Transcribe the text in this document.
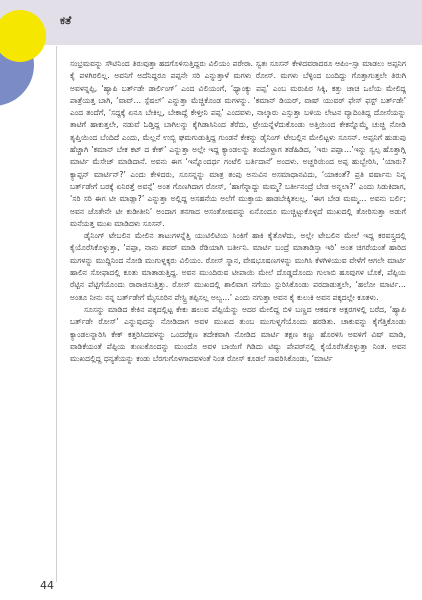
ಕತೆ

ಸಂಭ್ರಮವನ್ನು ಸೌಟಿನಿಂದ ತಿರುವುತ್ತಾ ಹದಗೊಳಿಸುತ್ತಿದ್ದರು ವಿಲಿಯಂ ಪರೇರಾ. ಸ್ವತಃ ಸೂಸನ್ ಕೇಳಿದವರಾದರೂ ಆಪಿಂ–ಸ್ಸಾ ಮಾಡಲು ಅಪ್ಪನಿಗ ಕೈ ಪಳಗಿರಲಿಲ್ಲ. ಅವನಿಗೆ ಅದೆನಿದ್ದರೂ ಪಪ್ಪನೇ ಸರಿ ಎನ್ನುತ್ತಾಳೆ ಮಗಳು ರೋಸ್. ಮಗಳು ಬೆಳ್ಳಿಂದ ಬಂದಿದ್ದು ಗೊತ್ತಾಗುತ್ತಲೇ ತಿರುಗಿ ಅವಳನ್ನಪ್ಪಿ, ‘ಹ್ಯಾಪಿ ಬರ್ತ್‌ಡೇ ಡಾರ್ಲಿಂಗ್’ ಎಂದ ವಿಲಿಯಂಗೆ, ‘ಥ್ಯಾಂಕ್ಯು ಪಪ್ಪ’ ಎಂಬ ಮರುಪಿರ ಸಿಕ್ಕಿ, ಕತ್ತು ಚಾಚಿ ಒಲೆಯ ಮೇಲಿದ್ದ ಪಾತ್ರೆಯತ್ತ ಬಾಗಿ, ‘ವಾವ್… ಸ್ಪೆಷಲ್’ ಎನ್ನುತ್ತಾ ಮೆಚ್ಚಿಕೊಂಡ ಮಗಳನ್ನು. ‘ಕಮಾನ್ ಡಿಯರ್, ವಾಷ್ ಯುವರ್ ಫೇಸ್ ಫಸ್ಟ್ ಬರ್ತ್‌ಡೇ’ ಎಂದ ತಂದೆಗೆ, ‘ಸದ್ದಕ್ಕೆ ಏನೂ ಬೇಕಿಲ್ಲ, ಬೇಕಾದ್ದೆ ಕೇಳ್ತೀನಿ ಪಪ್ಪ’ ಎಂದವಳು, ನಾಲ್ಕಾರು ಎಸ್ಸುತ್ತಾ ಬಳಿಯ ಲೇಟನ ವ್ಯಾದಿಂತಿದ್ದ ದೋಸೆಯನ್ನು ತಾಟಿಗೆ ಹಾಕುತ್ತಲೇ, ನಡುವೆ ಓಡ್ತಿದ್ದ ಬಾಗಿಲನ್ನು ಕೈಗಿಡಾಸಿನಿಂದ ತೆರೆದು, ಟ್ರೇಯನ್ನೆಳೆದುಕೊಂಡು ಅತ್ತಿಯಿಂದ ಕೇಕನ್ನೊಮ್ಮೆ ಚುಚ್ಚಿ ನೋಡಿ ತೃಪ್ತಿಯಿಂದ ಬೆಂದಿದೆ ಎಂದು, ಮೆಲ್ಲನೆ ಉಬ್ಬಿ ಘಮಗುಡುತ್ತಿದ್ದ ಗುಂಡನೆ ಕೇಕನ್ನು ಡೈನಿಂಗ್ ಟೇಬಲ್ಲಿನ ಮೇಲಿಟ್ಟಳು ಸೂಸನ್. ಅಪ್ಪನಿಗೆ ಹುಡುಪು ಹೆಚ್ಚಾಗಿ ‘ಕಮಾನ್ ಬೇಕ ಕಟ್ ದ ಕೇಕ್’ ಎನ್ನುತ್ತಾ ಅಲ್ಲೇ ಇದ್ದ ಕ್ಯಾಂಡಲನ್ನು ತಂದೊಳ್ದಾಗ ತಡೆಹಿಡಿದ, ‘ಇರು ಪಪ್ಪಾ…’ಇನ್ನು ಸ್ವಲ್ಪ ಹೊತ್ತಾಗ್ಲಿ ಮಾರ್ಟಿ ಮೆಸೇಜ್ ಮಾಡಿದಾನೆ. ಅವನು ಈಗ ‘ಇನ್ನೊಂದರ್ಧ ಗಂಟೆಲಿ ಬರ್ತಿದಾನೆ’ ಅಂದಳು. ಅಚ್ಚರಿಯಿಂದ ಅಪ್ಪ ಹುಬ್ಬೇರಿಸಿ, ‘ಯಾರು? ಕ್ಯಾಪ್ಟನ್ ಮಾರ್ಟಿನ್?’ ಎಂದು ಕೇಳಿದರು, ಸೂಸನ್ನನ್ನು ಮಾತ್ರ ತಂಪು ಅನುವಿನ ಅಸಮಾಧಾನವಿದು, ‘ಯಾಕಂತೆ? ಪ್ರತಿ ವರ್ಷಾನು ನಿನ್ನ ಬರ್ತ್‌ಡೇಗೆ ಬರಕ್ಕೆ ಏನಿರತ್ತೆ ಅವನ್ಗೆ’ ಅಂತ ಗೊಣಗಿದಾಗ ರೋಸ್, ‘ಹಾಗೆನ್ನಾದ್ದು ಮಮ್ಮ? ಬರ್ತೀನಂದ್ರೆ ಬೇಡ ಅನ್ನಲಾ?’ ಎಂದು ಸಿಡುಕಿದಾಗ, ‘ಸರಿ ಸರಿ ಈಗ ಟೀ ಮಾಡ್ಲಾ?’ ಎನ್ನುತ್ತಾ ಅಲ್ಲಿದ್ದ ಅಸಹನೆಯ ಅಲೆಗೆ ಮುಕ್ತಾಯ ಹಾಡಬೇಕ್ಕಿತಲಲ್ಲ. ‘ಈಗ ಬೇಡ ಮಮ್ಮ… ಅವನು ಬರ್ಲಿ; ಅವನ ಜೊತೇನೇ ಟೀ ಕುಡೀತೀನಿ’ ಅಂದಾಗ ತನಗಾದ ಅಸಂತೋಷವನ್ನು ಏನೊಂದೂ ಮುಚ್ಚಿಟ್ಟುಕೊಳ್ಳದೆ ಮುಖದಲ್ಲಿ ತೋರಿಸುತ್ತಾ ಅಡುಗೆ ಮನೆಯತ್ತ ಮುಖ ಮಾಡಿದಳು ಸೂಸನ್.

ಡೈನಿಂಗ್ ಟೇಬಲಿನ ಮೇಲಿನ ತಾಟುಗಳನ್ನೆತ್ತಿ ಯುಟಿಲಿಟಿಯ ಸಿಂಕಿಗೆ ಹಾಕಿ ಕೈತೊಳೆದು, ಅಲ್ಲೇ ಟೇಬಲಿನ ಮೇಲೆ ಇದ್ದ ಕರವಸ್ತ್ರದಲ್ಲಿ ಕೈಯೊರೆಸಿಕೊಳ್ಳುತ್ತಾ, ‘ಪಪ್ಪಾ, ನಾನು ಶವರ್ ಮಾಡಿ ರೆಡಿಯಾಗಿ ಬರ್ತೀನಿ. ಮಾರ್ಟಿ ಬಂದ್ರೆ ಮಾತಾಡಿಸ್ತಾ ಇರಿ’ ಅಂತ ಚಿಗರೆಯಂತೆ ಹಾರಿದ ಮಗಳನ್ನು ಮುದ್ದಿನಿಂದ ನೋಡಿ ಮುಗುಳ್ನಕ್ಕರು ವಿಲಿಯಂ. ರೋಸ್ ಸ್ನಾನ, ವೇಷಭೂಷಣಗಳನ್ನು ಮುಗಿಸಿ ಕೆಳಗಿಳಿಯುವ ವೇಳೆಗೆ ಆಗಲೇ ಮಾರ್ಟಿ ಹಾಲಿನ ಸೋಫಾದಲ್ಲಿ ಕೂತು ಮಾತಾಡುತ್ತಿದ್ದ. ಅವನ ಮುಂದಿರುವ ಟೀಪಾಯಿ ಮೇಲೆ ದೊಡ್ಡದೊಂದು ಗುಲಾಬಿ ಹೂವುಗಳ ಬೊಕೆ, ಪೆಪ್ಪಿಯ ರೆಟ್ಟಿನ ಪೆಟ್ಟಿಗೆಯೊಂದು ರಾರಾಜಿಸುತ್ತಿತ್ತು. ರೋಸ್ ಮುಖದಲ್ಲಿ ಶಾಲಿವಾಗ ನಗೆಯು ಸ್ಫುರಿಸಿಕೊಂಡು ಪರದಾಡುತ್ತಲೇ, ‘ಹಲೋ ಮಾರ್ಟಿ… ಅಂತೂ ನೀನು ನನ್ನ ಬರ್ತ್‌ಡೇಗೆ ಮೈಸೂರಿನ ಪೇಸ್ಟ್ರಿ ತಪ್ಪಿಸಲ್ಲ ಅಲ್ವ…’ ಎಂದು ನಗುತ್ತಾ ಅವನ ಕೈ ಕುಲುಕಿ ಅವನ ಪಕ್ಕದಲ್ಲೇ ಕೂತಳು.

ಸೂಸನ್ನು ಮಾಡಿದ ಕೇಕಿನ ಪಕ್ಕದಲ್ಲಿಟ್ಟ ಕೇಕು ಹಲುವ ಪೆಪ್ಪಿಯೆನ್ನು ಅದರ ಮೇಲಿದ್ದ ಬಿಳಿ ಬಣ್ಣದ ಆಕರ್ಷಕ ಅಕ್ಷರಗಳಲ್ಲಿ ಬರೆದ, ‘ಹ್ಯಾಪಿ ಬರ್ತ್‌ಡೇ ರೋಸ್’ ಎನ್ನುವುದನ್ನು ನೋಡಿದಾಗ ಅವಳ ಮುಖದ ತುಂಬ ಮುಗುಳ್ನಗೆಯೊಂದು ಹರಡಿತು. ಚಾಕುವನ್ನು ಕೈಗೆತ್ತಿಕೊಂಡು ಕ್ಯಾಂಡಲನ್ನಾರಿಸಿ ಕೇಕ್ ಕತ್ತರಿಸಿದವಳನ್ನು ಒಂದರೆಕ್ಷಣ ತದೇಕವಾಗಿ ನೋಡಿದ ಮಾರ್ಟಿ ತಕ್ಷಣ ಕಣ್ಣು ಹೊರಳಿಸಿ ಅವಳಿಗೆ ವಿಷ್ ಮಾಡಿ, ವಾಡಿಕೆಯಂತೆ ಪೆಪ್ಪಿಯ ತುಣುಕೊಂದನ್ನು ಮುಂದೊ ಅವಳ ಬಾಯಿಗೆ ಗಿಡಿದು ಟಿಷ್ಯು ಪೇಪರ್‌ನಲ್ಲಿ ಕೈಯೊರೆಸಿಕೊಳ್ಳುತ್ತಾ ನಿಂತ. ಅವನ ಮುಖದಲ್ಲಿದ್ದ ಧನ್ಯತೆಯನ್ನು ಕಂಡು ಬೆರಗುಗೊಳಗಾದವಳಂತೆ ನಿಂತ ರೋಸ್ ಕೂಡಲೆ ಸಾವರಿಸಿಕೊಂಡು, ‘ಮಾರ್ಟಿ

44
